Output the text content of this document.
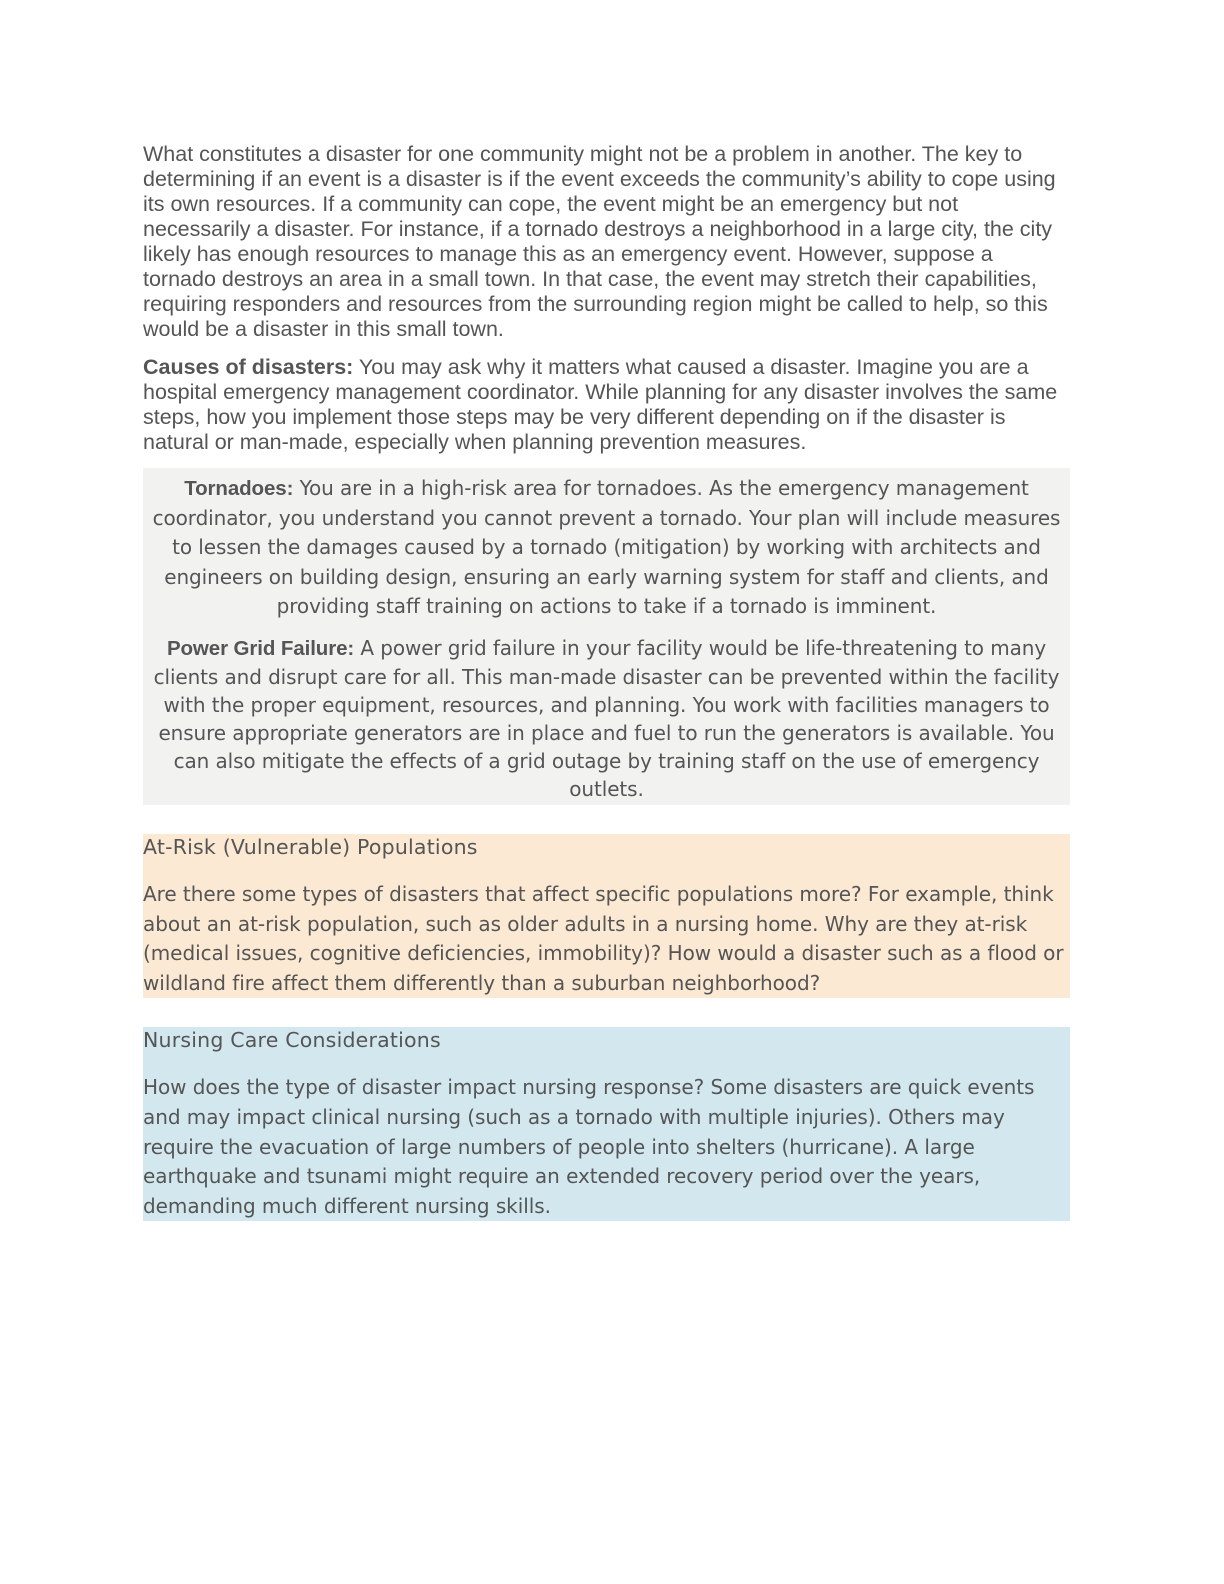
What constitutes a disaster for one community might not be a problem in another. The key to determining if an event is a disaster is if the event exceeds the community’s ability to cope using its own resources. If a community can cope, the event might be an emergency but not necessarily a disaster. For instance, if a tornado destroys a neighborhood in a large city, the city likely has enough resources to manage this as an emergency event. However, suppose a tornado destroys an area in a small town. In that case, the event may stretch their capabilities, requiring responders and resources from the surrounding region might be called to help, so this would be a disaster in this small town.

Causes of disasters: You may ask why it matters what caused a disaster. Imagine you are a hospital emergency management coordinator. While planning for any disaster involves the same steps, how you implement those steps may be very different depending on if the disaster is natural or man-made, especially when planning prevention measures.

Tornadoes: You are in a high-risk area for tornadoes. As the emergency management coordinator, you understand you cannot prevent a tornado. Your plan will include measures to lessen the damages caused by a tornado (mitigation) by working with architects and engineers on building design, ensuring an early warning system for staff and clients, and providing staff training on actions to take if a tornado is imminent.

Power Grid Failure: A power grid failure in your facility would be life-threatening to many clients and disrupt care for all. This man-made disaster can be prevented within the facility with the proper equipment, resources, and planning. You work with facilities managers to ensure appropriate generators are in place and fuel to run the generators is available. You can also mitigate the effects of a grid outage by training staff on the use of emergency outlets.

At-Risk (Vulnerable) Populations

Are there some types of disasters that affect specific populations more? For example, think about an at-risk population, such as older adults in a nursing home. Why are they at-risk (medical issues, cognitive deficiencies, immobility)? How would a disaster such as a flood or wildland fire affect them differently than a suburban neighborhood?

Nursing Care Considerations

How does the type of disaster impact nursing response? Some disasters are quick events and may impact clinical nursing (such as a tornado with multiple injuries). Others may require the evacuation of large numbers of people into shelters (hurricane). A large earthquake and tsunami might require an extended recovery period over the years, demanding much different nursing skills.
